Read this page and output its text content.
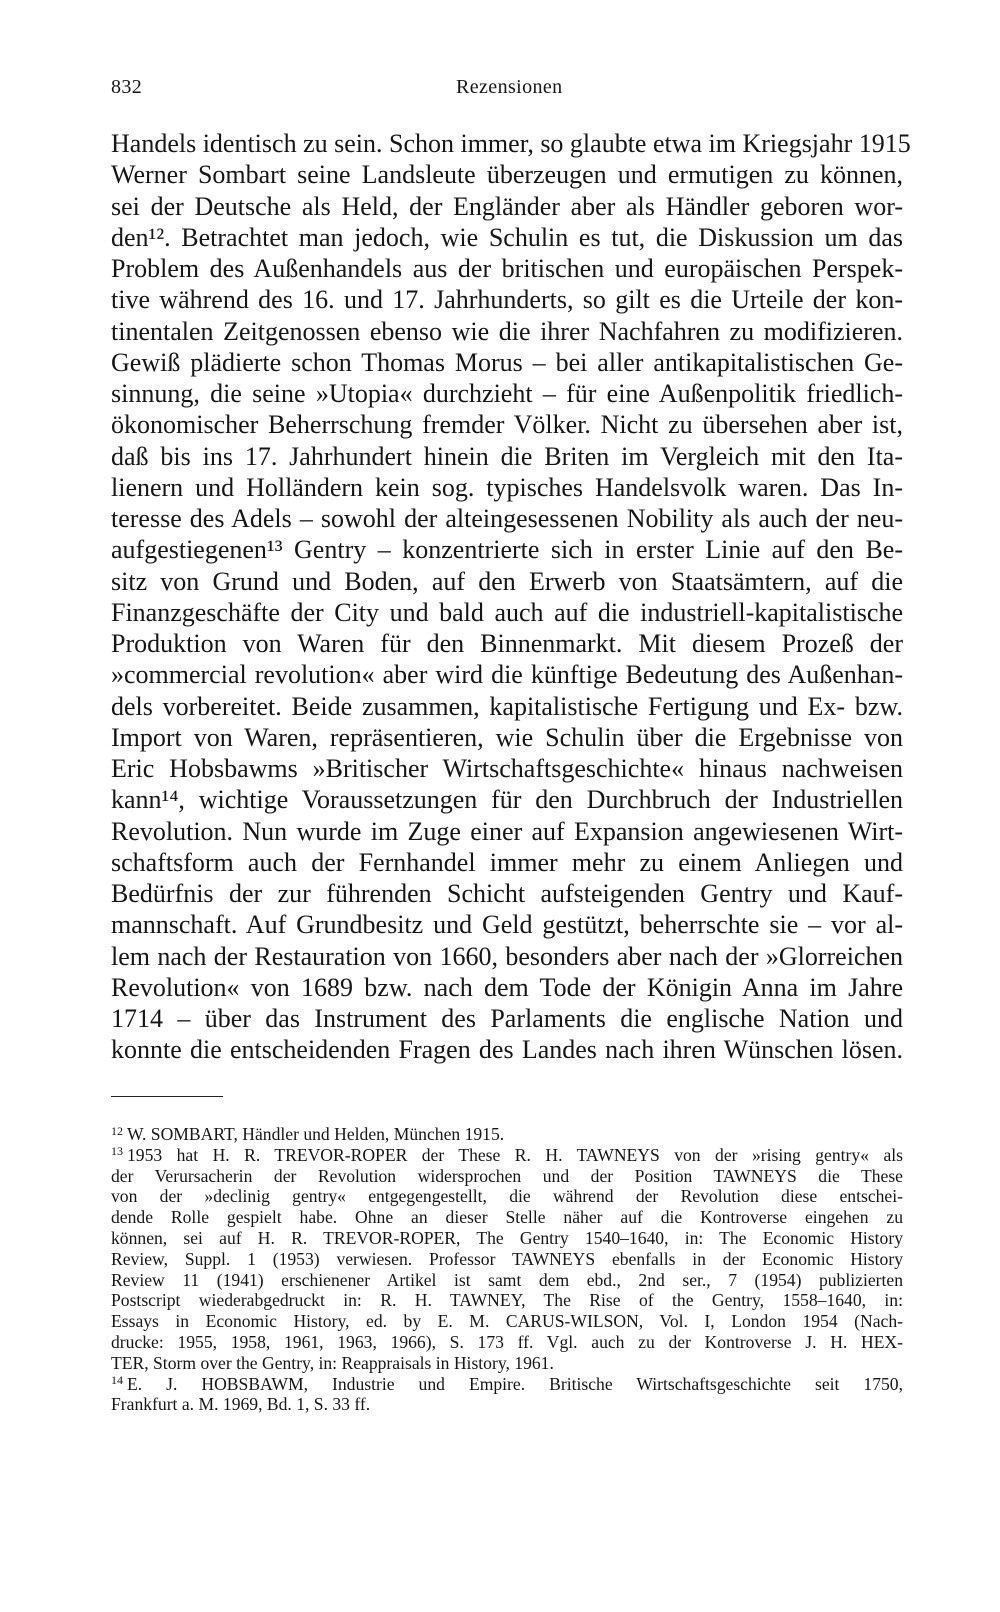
832	Rezensionen
Handels identisch zu sein. Schon immer, so glaubte etwa im Kriegsjahr 1915
Werner Sombart seine Landsleute überzeugen und ermutigen zu können,
sei der Deutsche als Held, der Engländer aber als Händler geboren wor-
den¹². Betrachtet man jedoch, wie Schulin es tut, die Diskussion um das
Problem des Außenhandels aus der britischen und europäischen Perspek-
tive während des 16. und 17. Jahrhunderts, so gilt es die Urteile der kon-
tinentalen Zeitgenossen ebenso wie die ihrer Nachfahren zu modifizieren.
Gewiß plädierte schon Thomas Morus – bei aller antikapitalistischen Ge-
sinnung, die seine »Utopia« durchzieht – für eine Außenpolitik friedlich-
ökonomischer Beherrschung fremder Völker. Nicht zu übersehen aber ist,
daß bis ins 17. Jahrhundert hinein die Briten im Vergleich mit den Ita-
lienern und Holländern kein sog. typisches Handelsvolk waren. Das In-
teresse des Adels – sowohl der alteingesessenen Nobility als auch der neu-
aufgestiegenen¹³ Gentry – konzentrierte sich in erster Linie auf den Be-
sitz von Grund und Boden, auf den Erwerb von Staatsämtern, auf die
Finanzgeschäfte der City und bald auch auf die industriell-kapitalistische
Produktion von Waren für den Binnenmarkt. Mit diesem Prozeß der
»commercial revolution« aber wird die künftige Bedeutung des Außenhan-
dels vorbereitet. Beide zusammen, kapitalistische Fertigung und Ex- bzw.
Import von Waren, repräsentieren, wie Schulin über die Ergebnisse von
Eric Hobsbawms »Britischer Wirtschaftsgeschichte« hinaus nachweisen
kann¹⁴, wichtige Voraussetzungen für den Durchbruch der Industriellen
Revolution. Nun wurde im Zuge einer auf Expansion angewiesenen Wirt-
schaftsform auch der Fernhandel immer mehr zu einem Anliegen und
Bedürfnis der zur führenden Schicht aufsteigenden Gentry und Kauf-
mannschaft. Auf Grundbesitz und Geld gestützt, beherrschte sie – vor al-
lem nach der Restauration von 1660, besonders aber nach der »Glorreichen
Revolution« von 1689 bzw. nach dem Tode der Königin Anna im Jahre
1714 – über das Instrument des Parlaments die englische Nation und
konnte die entscheidenden Fragen des Landes nach ihren Wünschen lösen.
12 W. SOMBART, Händler und Helden, München 1915.
13 1953 hat H. R. TREVOR-ROPER der These R. H. TAWNEYS von der »rising gentry« als
der Verursacherin der Revolution widersprochen und der Position TAWNEYS die These
von der »declinig gentry« entgegengestellt, die während der Revolution diese entschei-
dende Rolle gespielt habe. Ohne an dieser Stelle näher auf die Kontroverse eingehen zu
können, sei auf H. R. TREVOR-ROPER, The Gentry 1540–1640, in: The Economic History
Review, Suppl. 1 (1953) verwiesen. Professor TAWNEYS ebenfalls in der Economic History
Review 11 (1941) erschienener Artikel ist samt dem ebd., 2nd ser., 7 (1954) publizierten
Postscript wiederabgedruckt in: R. H. TAWNEY, The Rise of the Gentry, 1558–1640, in:
Essays in Economic History, ed. by E. M. CARUS-WILSON, Vol. I, London 1954 (Nach-
drucke: 1955, 1958, 1961, 1963, 1966), S. 173 ff. Vgl. auch zu der Kontroverse J. H. HEX-
TER, Storm over the Gentry, in: Reappraisals in History, 1961.
14 E. J. HOBSBAWM, Industrie und Empire. Britische Wirtschaftsgeschichte seit 1750,
Frankfurt a. M. 1969, Bd. 1, S. 33 ff.
